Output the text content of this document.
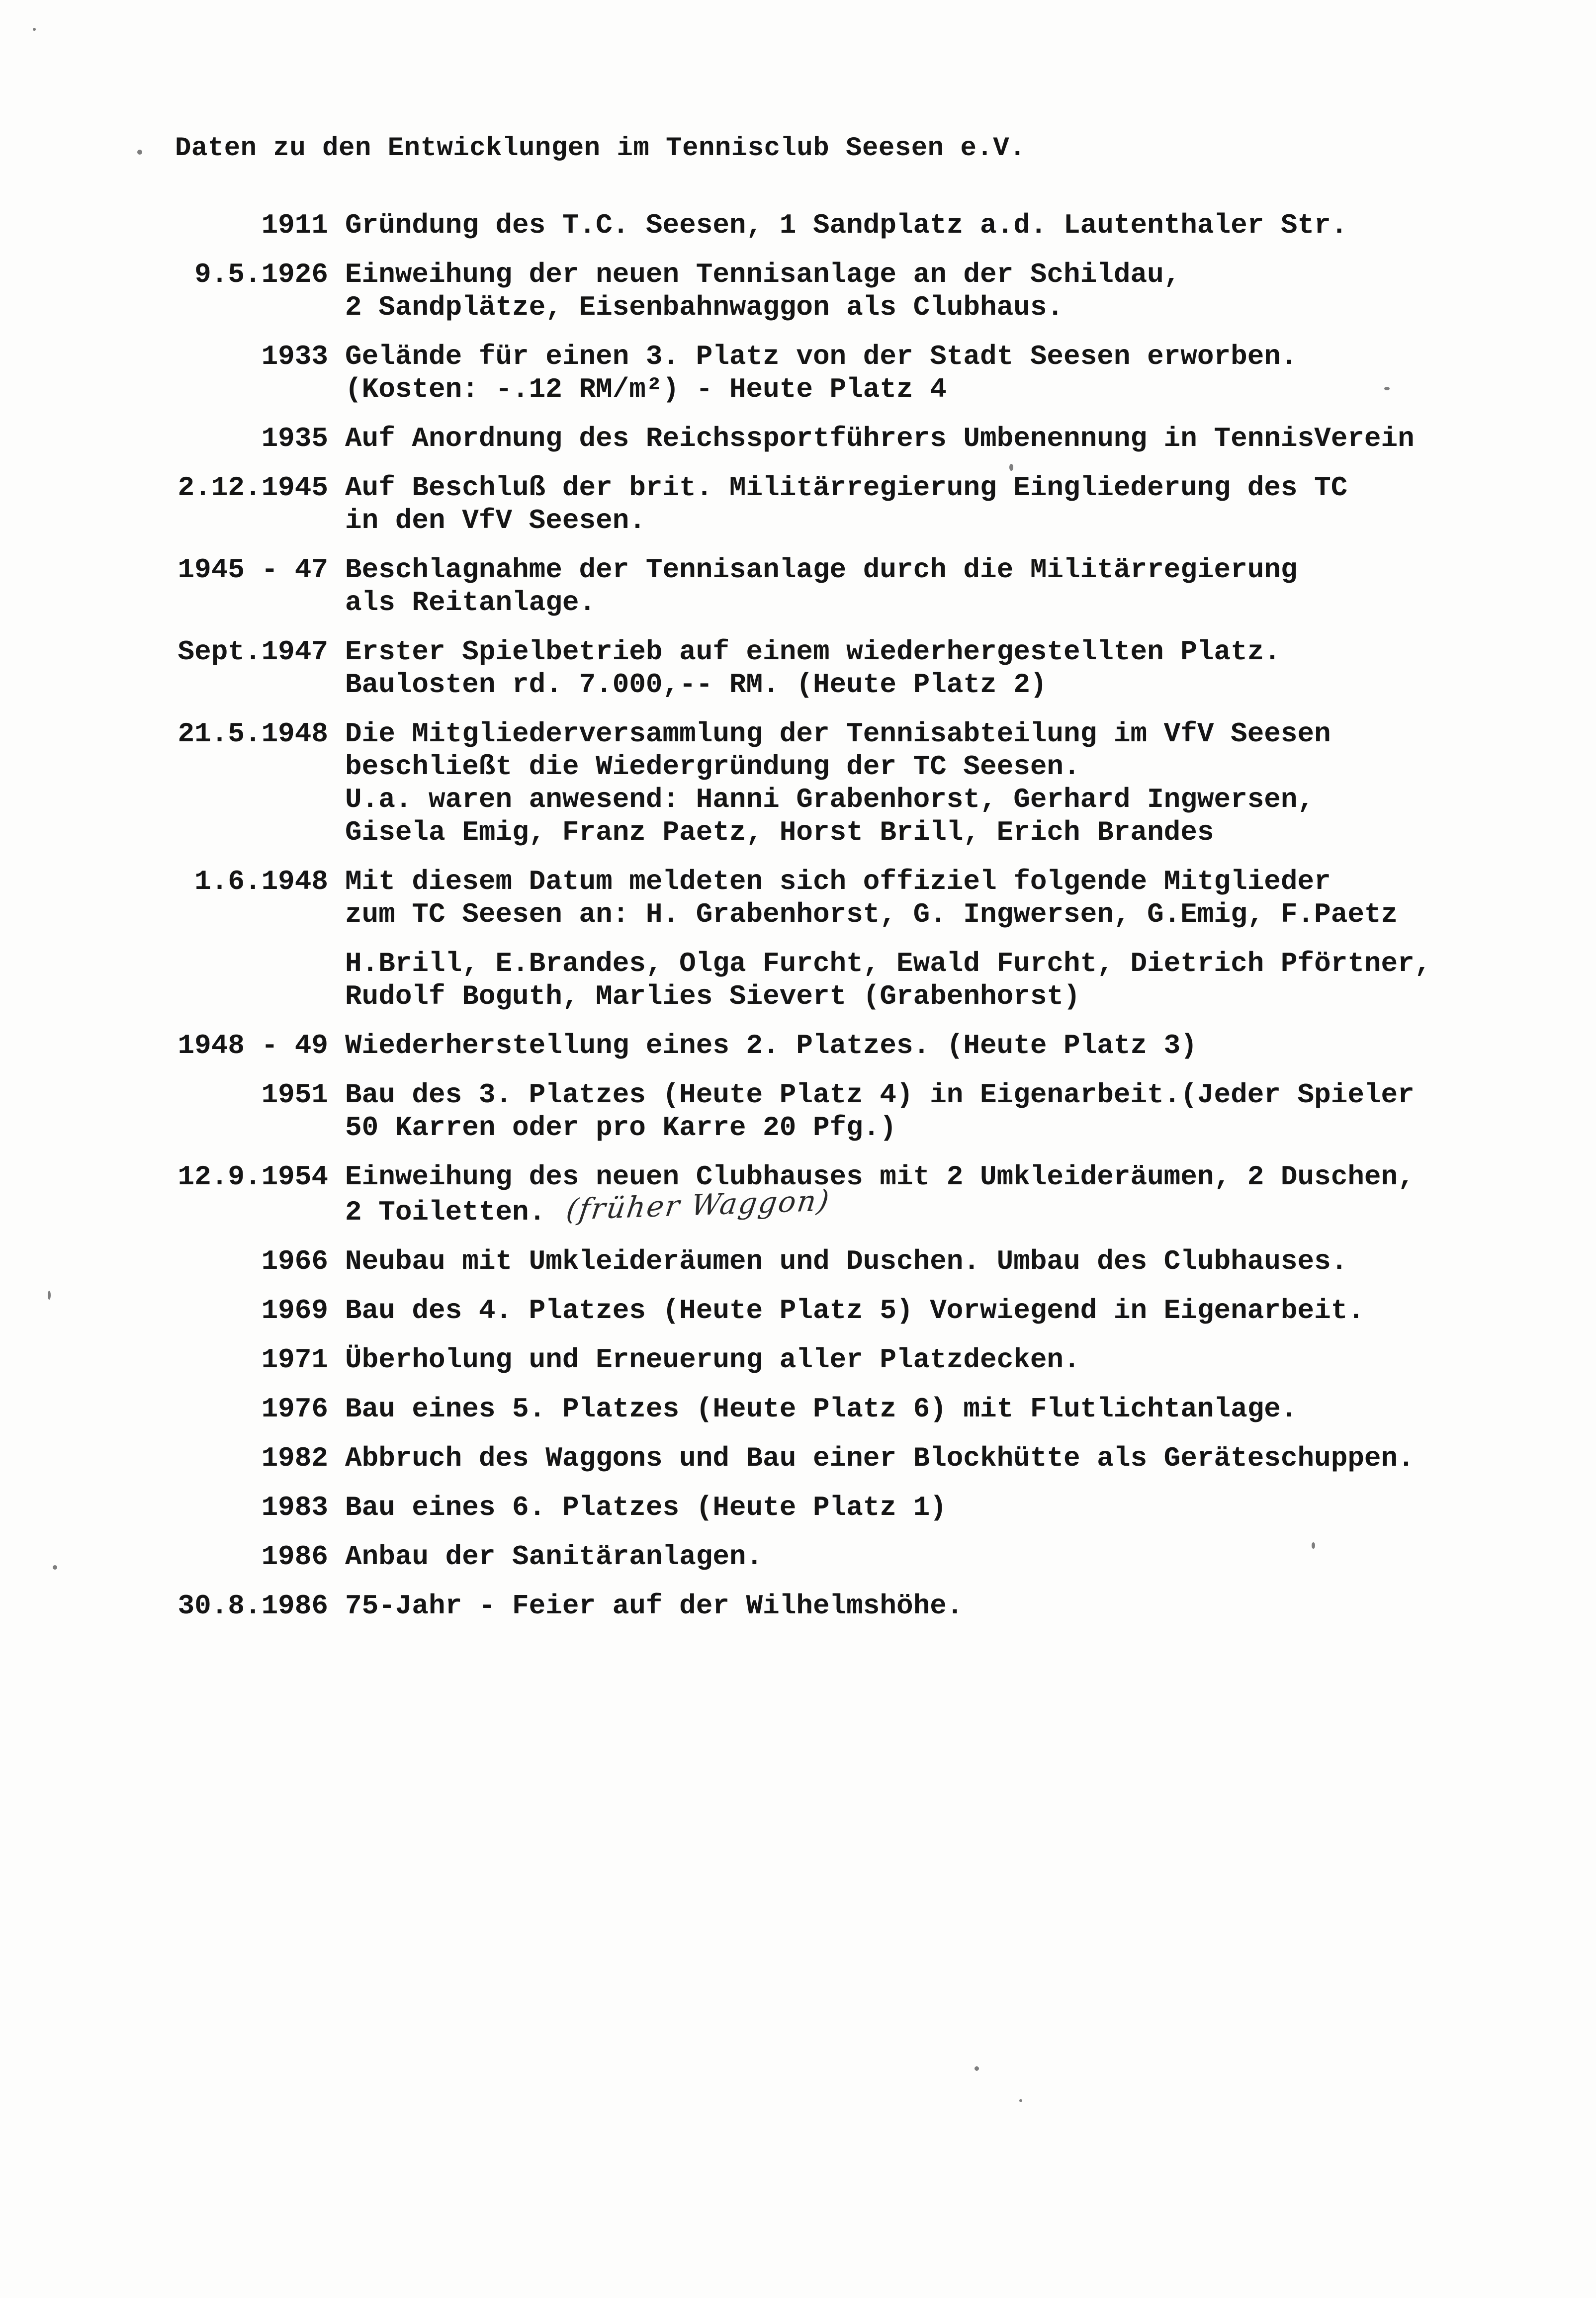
Daten zu den Entwicklungen im Tennisclub Seesen e.V.
1911 Gründung des T.C. Seesen, 1 Sandplatz a.d. Lautenthaler Str.
9.5.1926 Einweihung der neuen Tennisanlage an der Schildau,
2 Sandplätze, Eisenbahnwaggon als Clubhaus.
1933 Gelände für einen 3. Platz von der Stadt Seesen erworben.
(Kosten: -.12 RM/m²) - Heute Platz 4
1935 Auf Anordnung des Reichssportführers Umbenennung in TennisVerein
2.12.1945 Auf Beschluß der brit. Militärregierung Eingliederung des TC
in den VfV Seesen.
1945 - 47 Beschlagnahme der Tennisanlage durch die Militärregierung
als Reitanlage.
Sept.1947 Erster Spielbetrieb auf einem wiederhergestellten Platz.
Baulosten rd. 7.000,-- RM. (Heute Platz 2)
21.5.1948 Die Mitgliederversammlung der Tennisabteilung im VfV Seesen
beschließt die Wiedergründung der TC Seesen.
U.a. waren anwesend: Hanni Grabenhorst, Gerhard Ingwersen,
Gisela Emig, Franz Paetz, Horst Brill, Erich Brandes
1.6.1948 Mit diesem Datum meldeten sich offiziel folgende Mitglieder
zum TC Seesen an: H. Grabenhorst, G. Ingwersen, G.Emig, F.Paetz
H.Brill, E.Brandes, Olga Furcht, Ewald Furcht, Dietrich Pförtner,
Rudolf Boguth, Marlies Sievert (Grabenhorst)
1948 - 49 Wiederherstellung eines 2. Platzes. (Heute Platz 3)
1951 Bau des 3. Platzes (Heute Platz 4) in Eigenarbeit.(Jeder Spieler
50 Karren oder pro Karre 20 Pfg.)
12.9.1954 Einweihung des neuen Clubhauses mit 2 Umkleideräumen, 2 Duschen,
2 Toiletten. (früher Waggon)
1966 Neubau mit Umkleideräumen und Duschen. Umbau des Clubhauses.
1969 Bau des 4. Platzes (Heute Platz 5) Vorwiegend in Eigenarbeit.
1971 Überholung und Erneuerung aller Platzdecken.
1976 Bau eines 5. Platzes (Heute Platz 6) mit Flutlichtanlage.
1982 Abbruch des Waggons und Bau einer Blockhütte als Geräteschuppen.
1983 Bau eines 6. Platzes (Heute Platz 1)
1986 Anbau der Sanitäranlagen.
30.8.1986 75-Jahr - Feier auf der Wilhelmshöhe.
